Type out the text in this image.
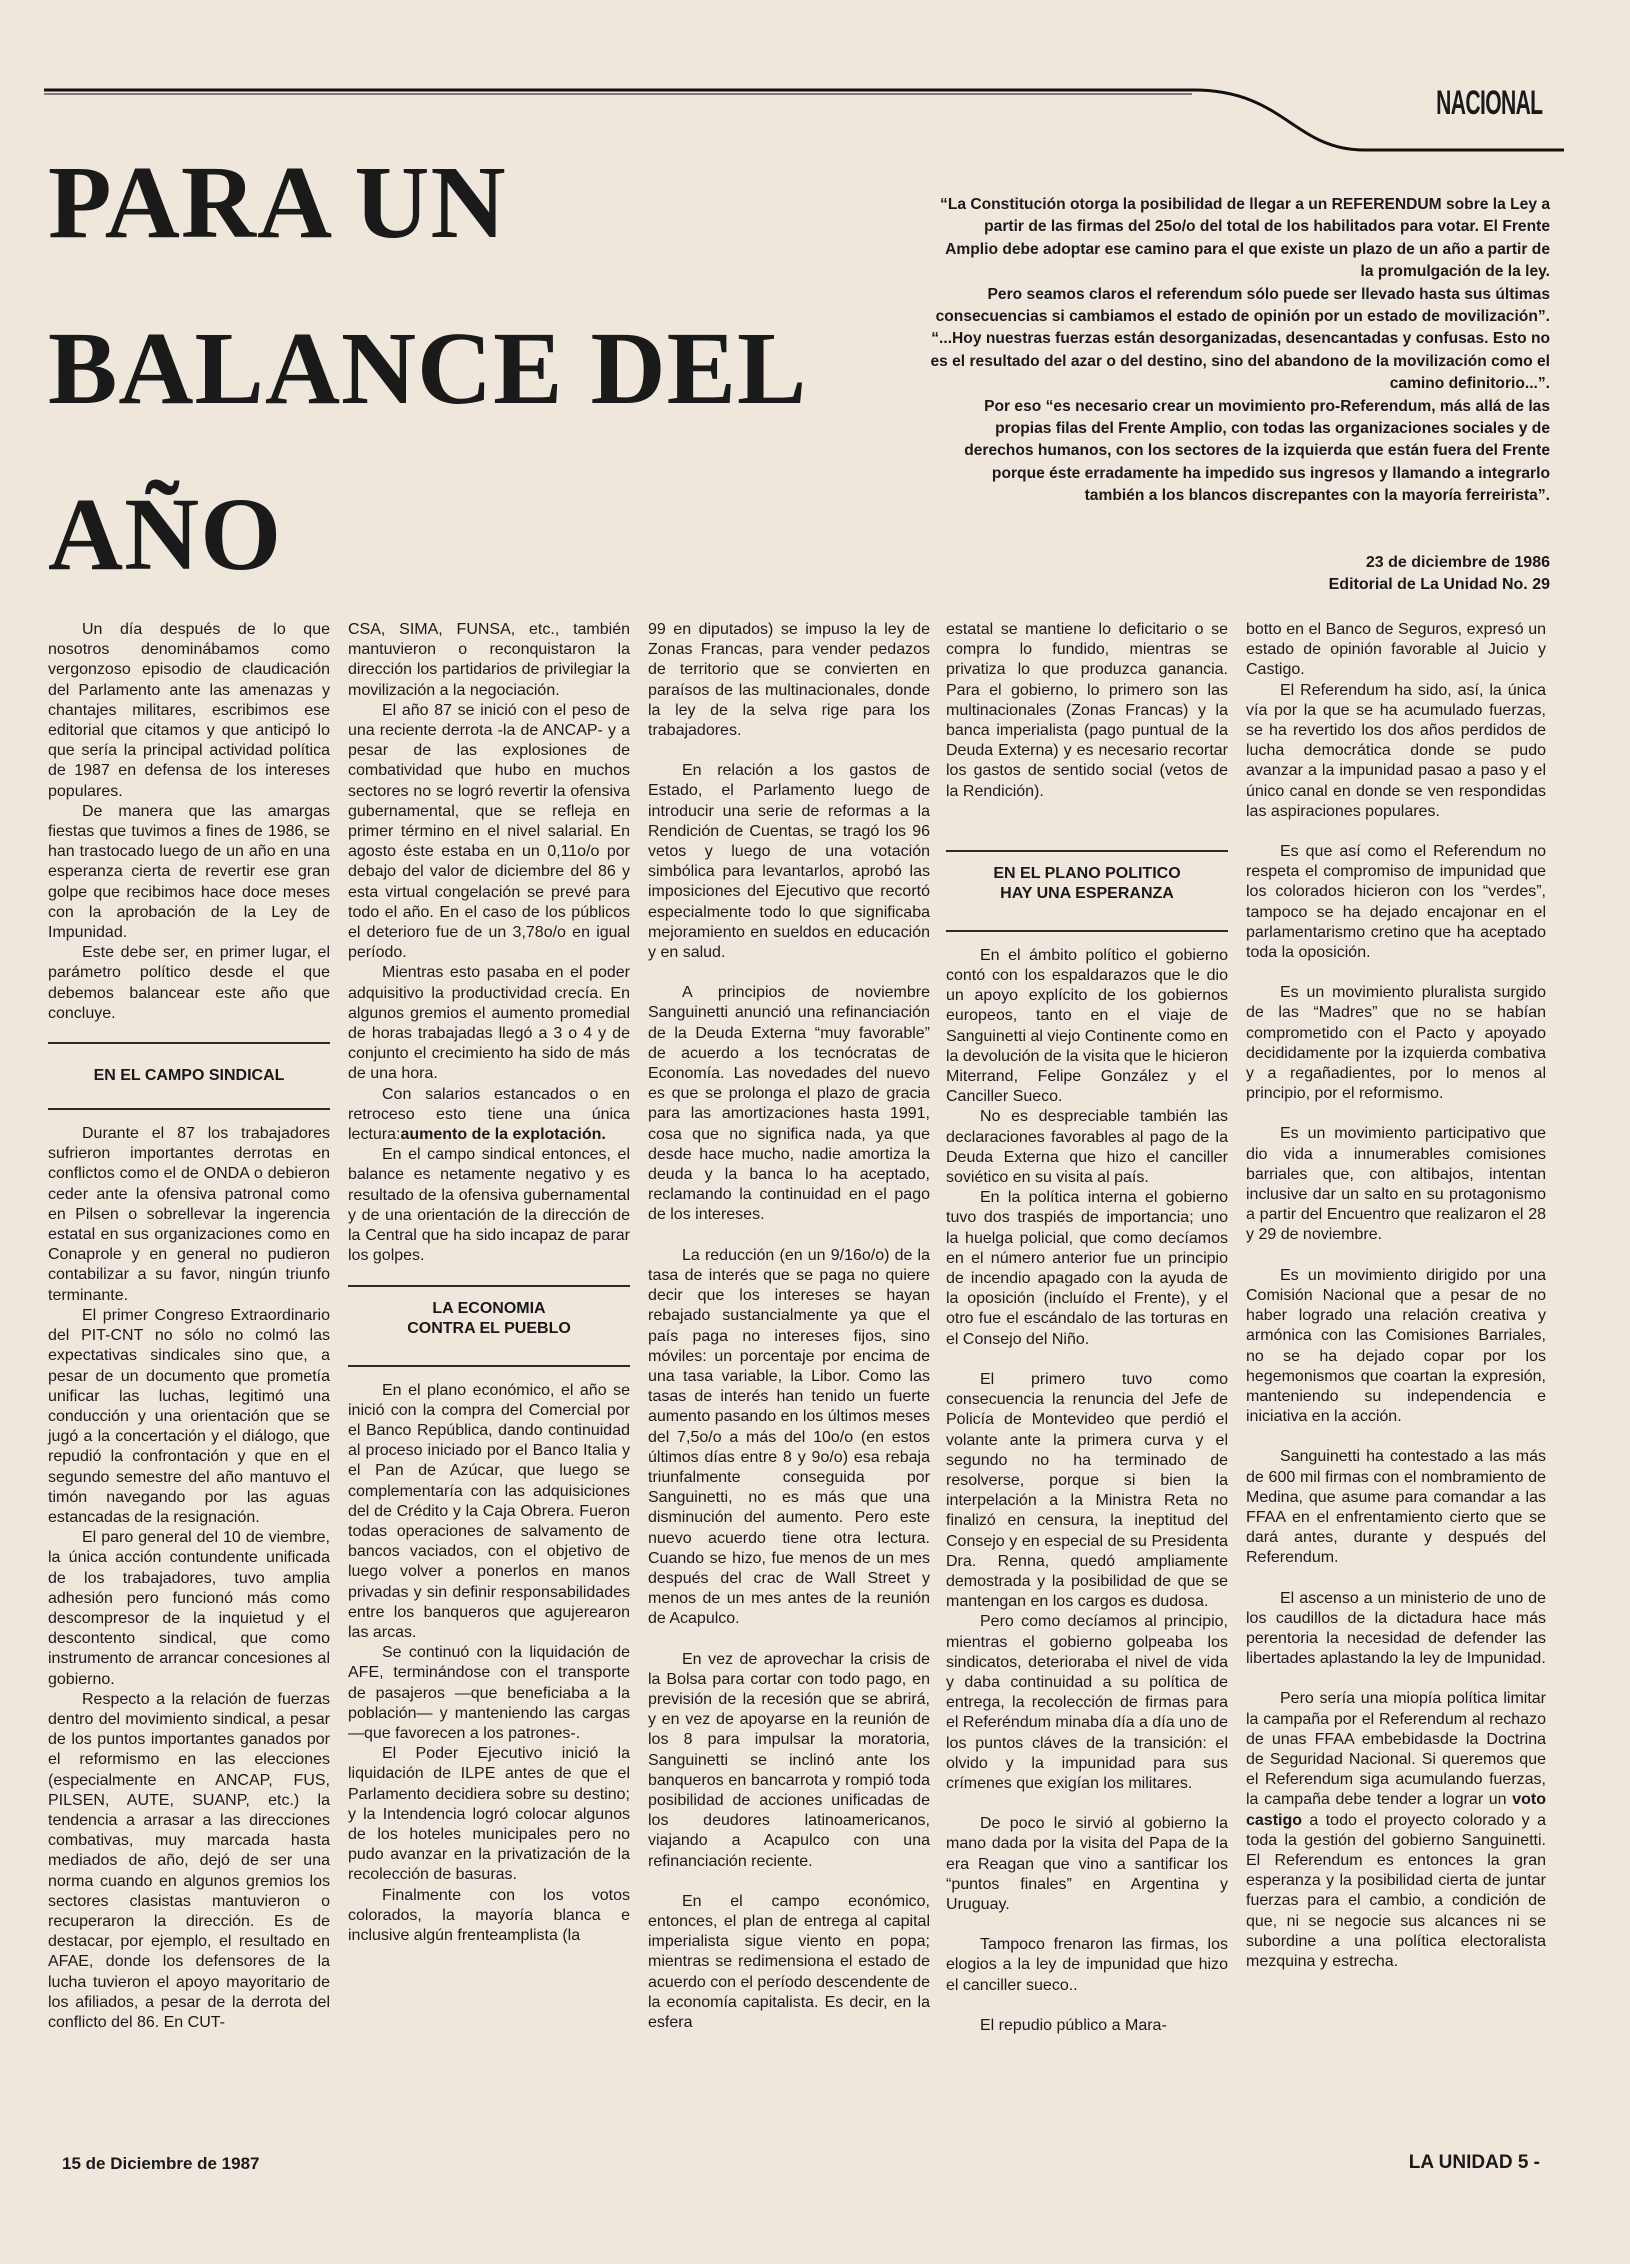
NACIONAL
PARA UN
BALANCE DEL
AÑO

“La Constitución otorga la posibilidad de llegar a un REFERENDUM sobre la Ley a partir de las firmas del 25o/o del total de los habilitados para votar. El Frente Amplio debe adoptar ese camino para el que existe un plazo de un año a partir de la promulgación de la ley.

Pero seamos claros el referendum sólo puede ser llevado hasta sus últimas consecuencias si cambiamos el estado de opinión por un estado de movilización”.

“...Hoy nuestras fuerzas están desorganizadas, desencantadas y confusas. Esto no es el resultado del azar o del destino, sino del abandono de la movilización como el camino definitorio...”.

Por eso “es necesario crear un movimiento pro-Referendum, más allá de las propias filas del Frente Amplio, con todas las organizaciones sociales y de derechos humanos, con los sectores de la izquierda que están fuera del Frente porque éste erradamente ha impedido sus ingresos y llamando a integrarlo también a los blancos discrepantes con la mayoría ferreirista”.

23 de diciembre de 1986
Editorial de La Unidad No. 29

Un día después de lo que nosotros denominábamos como vergonzoso episodio de claudicación del Parlamento ante las amenazas y chantajes militares, escribimos ese editorial que citamos y que anticipó lo que sería la principal actividad política de 1987 en defensa de los intereses populares.

De manera que las amargas fiestas que tuvimos a fines de 1986, se han trastocado luego de un año en una esperanza cierta de revertir ese gran golpe que recibimos hace doce meses con la aprobación de la Ley de Impunidad.

Este debe ser, en primer lugar, el parámetro político desde el que debemos balancear este año que concluye.

EN EL CAMPO SINDICAL

Durante el 87 los trabajadores sufrieron importantes derrotas en conflictos como el de ONDA o debieron ceder ante la ofensiva patronal como en Pilsen o sobrellevar la ingerencia estatal en sus organizaciones como en Conaprole y en general no pudieron contabilizar a su favor, ningún triunfo terminante.

El primer Congreso Extraordinario del PIT-CNT no sólo no colmó las expectativas sindicales sino que, a pesar de un documento que prometía unificar las luchas, legitimó una conducción y una orientación que se jugó a la concertación y el diálogo, que repudió la confrontación y que en el segundo semestre del año mantuvo el timón navegando por las aguas estancadas de la resignación.

El paro general del 10 de viembre, la única acción contundente unificada de los trabajadores, tuvo amplia adhesión pero funcionó más como descompresor de la inquietud y el descontento sindical, que como instrumento de arrancar concesiones al gobierno.

Respecto a la relación de fuerzas dentro del movimiento sindical, a pesar de los puntos importantes ganados por el reformismo en las elecciones (especialmente en ANCAP, FUS, PILSEN, AUTE, SUANP, etc.) la tendencia a arrasar a las direcciones combativas, muy marcada hasta mediados de año, dejó de ser una norma cuando en algunos gremios los sectores clasistas mantuvieron o recuperaron la dirección. Es de destacar, por ejemplo, el resultado en AFAE, donde los defensores de la lucha tuvieron el apoyo mayoritario de los afiliados, a pesar de la derrota del conflicto del 86. En CUT-

CSA, SIMA, FUNSA, etc., también mantuvieron o reconquistaron la dirección los partidarios de privilegiar la movilización a la negociación.

El año 87 se inició con el peso de una reciente derrota -la de ANCAP- y a pesar de las explosiones de combatividad que hubo en muchos sectores no se logró revertir la ofensiva gubernamental, que se refleja en primer término en el nivel salarial. En agosto éste estaba en un 0,11o/o por debajo del valor de diciembre del 86 y esta virtual congelación se prevé para todo el año. En el caso de los públicos el deterioro fue de un 3,78o/o en igual período.

Mientras esto pasaba en el poder adquisitivo la productividad crecía. En algunos gremios el aumento promedial de horas trabajadas llegó a 3 o 4 y de conjunto el crecimiento ha sido de más de una hora.

Con salarios estancados o en retroceso esto tiene una única lectura:aumento de la explotación.

En el campo sindical entonces, el balance es netamente negativo y es resultado de la ofensiva gubernamental y de una orientación de la dirección de la Central que ha sido incapaz de parar los golpes.

LA ECONOMIA
CONTRA EL PUEBLO

En el plano económico, el año se inició con la compra del Comercial por el Banco República, dando continuidad al proceso iniciado por el Banco Italia y el Pan de Azúcar, que luego se complementaría con las adquisiciones del de Crédito y la Caja Obrera. Fueron todas operaciones de salvamento de bancos vaciados, con el objetivo de luego volver a ponerlos en manos privadas y sin definir responsabilidades entre los banqueros que agujerearon las arcas.

Se continuó con la liquidación de AFE, terminándose con el transporte de pasajeros —que beneficiaba a la población— y manteniendo las cargas —que favorecen a los patrones-.

El Poder Ejecutivo inició la liquidación de ILPE antes de que el Parlamento decidiera sobre su destino; y la Intendencia logró colocar algunos de los hoteles municipales pero no pudo avanzar en la privatización de la recolección de basuras.

Finalmente con los votos colorados, la mayoría blanca e inclusive algún frenteamplista (la

99 en diputados) se impuso la ley de Zonas Francas, para vender pedazos de territorio que se convierten en paraísos de las multinacionales, donde la ley de la selva rige para los trabajadores.

En relación a los gastos de Estado, el Parlamento luego de introducir una serie de reformas a la Rendición de Cuentas, se tragó los 96 vetos y luego de una votación simbólica para levantarlos, aprobó las imposiciones del Ejecutivo que recortó especialmente todo lo que significaba mejoramiento en sueldos en educación y en salud.

A principios de noviembre Sanguinetti anunció una refinanciación de la Deuda Externa “muy favorable” de acuerdo a los tecnócratas de Economía. Las novedades del nuevo es que se prolonga el plazo de gracia para las amortizaciones hasta 1991, cosa que no significa nada, ya que desde hace mucho, nadie amortiza la deuda y la banca lo ha aceptado, reclamando la continuidad en el pago de los intereses.

La reducción (en un 9/16o/o) de la tasa de interés que se paga no quiere decir que los intereses se hayan rebajado sustancialmente ya que el país paga no intereses fijos, sino móviles: un porcentaje por encima de una tasa variable, la Libor. Como las tasas de interés han tenido un fuerte aumento pasando en los últimos meses del 7,5o/o a más del 10o/o (en estos últimos días entre 8 y 9o/o) esa rebaja triunfalmente conseguida por Sanguinetti, no es más que una disminución del aumento. Pero este nuevo acuerdo tiene otra lectura. Cuando se hizo, fue menos de un mes después del crac de Wall Street y menos de un mes antes de la reunión de Acapulco.

En vez de aprovechar la crisis de la Bolsa para cortar con todo pago, en previsión de la recesión que se abrirá, y en vez de apoyarse en la reunión de los 8 para impulsar la moratoria, Sanguinetti se inclinó ante los banqueros en bancarrota y rompió toda posibilidad de acciones unificadas de los deudores latinoamericanos, viajando a Acapulco con una refinanciación reciente.

En el campo económico, entonces, el plan de entrega al capital imperialista sigue viento en popa; mientras se redimensiona el estado de acuerdo con el período descendente de la economía capitalista. Es decir, en la esfera

estatal se mantiene lo deficitario o se compra lo fundido, mientras se privatiza lo que produzca ganancia. Para el gobierno, lo primero son las multinacionales (Zonas Francas) y la banca imperialista (pago puntual de la Deuda Externa) y es necesario recortar los gastos de sentido social (vetos de la Rendición).

EN EL PLANO POLITICO
HAY UNA ESPERANZA

En el ámbito político el gobierno contó con los espaldarazos que le dio un apoyo explícito de los gobiernos europeos, tanto en el viaje de Sanguinetti al viejo Continente como en la devolución de la visita que le hicieron Miterrand, Felipe González y el Canciller Sueco.

No es despreciable también las declaraciones favorables al pago de la Deuda Externa que hizo el canciller soviético en su visita al país.

En la política interna el gobierno tuvo dos traspiés de importancia; uno la huelga policial, que como decíamos en el número anterior fue un principio de incendio apagado con la ayuda de la oposición (incluído el Frente), y el otro fue el escándalo de las torturas en el Consejo del Niño.

El primero tuvo como consecuencia la renuncia del Jefe de Policía de Montevideo que perdió el volante ante la primera curva y el segundo no ha terminado de resolverse, porque si bien la interpelación a la Ministra Reta no finalizó en censura, la ineptitud del Consejo y en especial de su Presidenta Dra. Renna, quedó ampliamente demostrada y la posibilidad de que se mantengan en los cargos es dudosa.

Pero como decíamos al principio, mientras el gobierno golpeaba los sindicatos, deterioraba el nivel de vida y daba continuidad a su política de entrega, la recolección de firmas para el Referéndum minaba día a día uno de los puntos cláves de la transición: el olvido y la impunidad para sus crímenes que exigían los militares.

De poco le sirvió al gobierno la mano dada por la visita del Papa de la era Reagan que vino a santificar los “puntos finales” en Argentina y Uruguay.

Tampoco frenaron las firmas, los elogios a la ley de impunidad que hizo el canciller sueco..

El repudio público a Mara-

botto en el Banco de Seguros, expresó un estado de opinión favorable al Juicio y Castigo.

El Referendum ha sido, así, la única vía por la que se ha acumulado fuerzas, se ha revertido los dos años perdidos de lucha democrática donde se pudo avanzar a la impunidad pasao a paso y el único canal en donde se ven respondidas las aspiraciones populares.

Es que así como el Referendum no respeta el compromiso de impunidad que los colorados hicieron con los “verdes”, tampoco se ha dejado encajonar en el parlamentarismo cretino que ha aceptado toda la oposición.

Es un movimiento pluralista surgido de las “Madres” que no se habían comprometido con el Pacto y apoyado decididamente por la izquierda combativa y a regañadientes, por lo menos al principio, por el reformismo.

Es un movimiento participativo que dio vida a innumerables comisiones barriales que, con altibajos, intentan inclusive dar un salto en su protagonismo a partir del Encuentro que realizaron el 28 y 29 de noviembre.

Es un movimiento dirigido por una Comisión Nacional que a pesar de no haber logrado una relación creativa y armónica con las Comisiones Barriales, no se ha dejado copar por los hegemonismos que coartan la expresión, manteniendo su independencia e iniciativa en la acción.

Sanguinetti ha contestado a las más de 600 mil firmas con el nombramiento de Medina, que asume para comandar a las FFAA en el enfrentamiento cierto que se dará antes, durante y después del Referendum.

El ascenso a un ministerio de uno de los caudillos de la dictadura hace más perentoria la necesidad de defender las libertades aplastando la ley de Impunidad.

Pero sería una miopía política limitar la campaña por el Referendum al rechazo de unas FFAA embebidasde la Doctrina de Seguridad Nacional. Si queremos que el Referendum siga acumulando fuerzas, la campaña debe tender a lograr un voto castigo a todo el proyecto colorado y a toda la gestión del gobierno Sanguinetti. El Referendum es entonces la gran esperanza y la posibilidad cierta de juntar fuerzas para el cambio, a condición de que, ni se negocie sus alcances ni se subordine a una política electoralista mezquina y estrecha.

15 de Diciembre de 1987	LA UNIDAD 5 -
